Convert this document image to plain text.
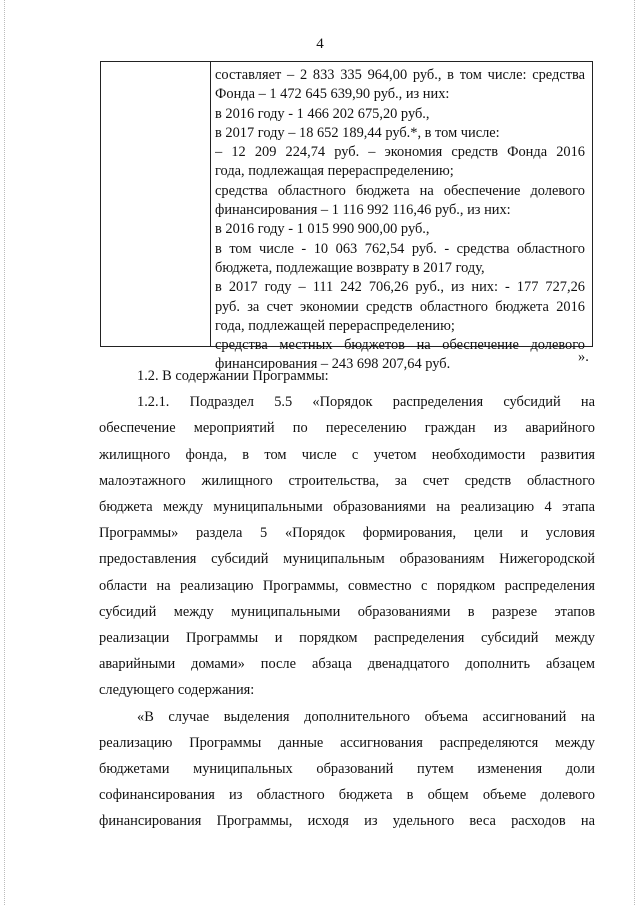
4
составляет – 2 833 335 964,00 руб., в том числе: средства
Фонда – 1 472 645 639,90 руб., из них:
в 2016 году - 1 466 202 675,20 руб.,
в 2017 году – 18 652 189,44 руб.*, в том числе:
– 12 209 224,74 руб. – экономия средств Фонда 2016
года, подлежащая перераспределению;
средства областного бюджета на обеспечение долевого
финансирования – 1 116 992 116,46 руб., из них:
в 2016 году - 1 015 990 900,00 руб.,
в том числе - 10 063 762,54 руб. - средства областного
бюджета, подлежащие возврату в 2017 году,
в 2017 году – 111 242 706,26 руб., из них: - 177 727,26
руб. за счет экономии средств областного бюджета 2016
года, подлежащей перераспределению;
средства местных бюджетов на обеспечение долевого
финансирования – 243 698 207,64 руб.	».
1.2. В содержании Программы:
1.2.1. Подраздел 5.5 «Порядок распределения субсидий на
обеспечение мероприятий по переселению граждан из аварийного
жилищного фонда, в том числе с учетом необходимости развития
малоэтажного жилищного строительства, за счет средств областного
бюджета между муниципальными образованиями на реализацию 4 этапа
Программы» раздела 5 «Порядок формирования, цели и условия
предоставления субсидий муниципальным образованиям Нижегородской
области на реализацию Программы, совместно с порядком распределения
субсидий между муниципальными образованиями в разрезе этапов
реализации Программы и порядком распределения субсидий между
аварийными домами» после абзаца двенадцатого дополнить абзацем
следующего содержания:
«В случае выделения дополнительного объема ассигнований на
реализацию Программы данные ассигнования распределяются между
бюджетами муниципальных образований путем изменения доли
софинансирования из областного бюджета в общем объеме долевого
финансирования Программы, исходя из удельного веса расходов на
